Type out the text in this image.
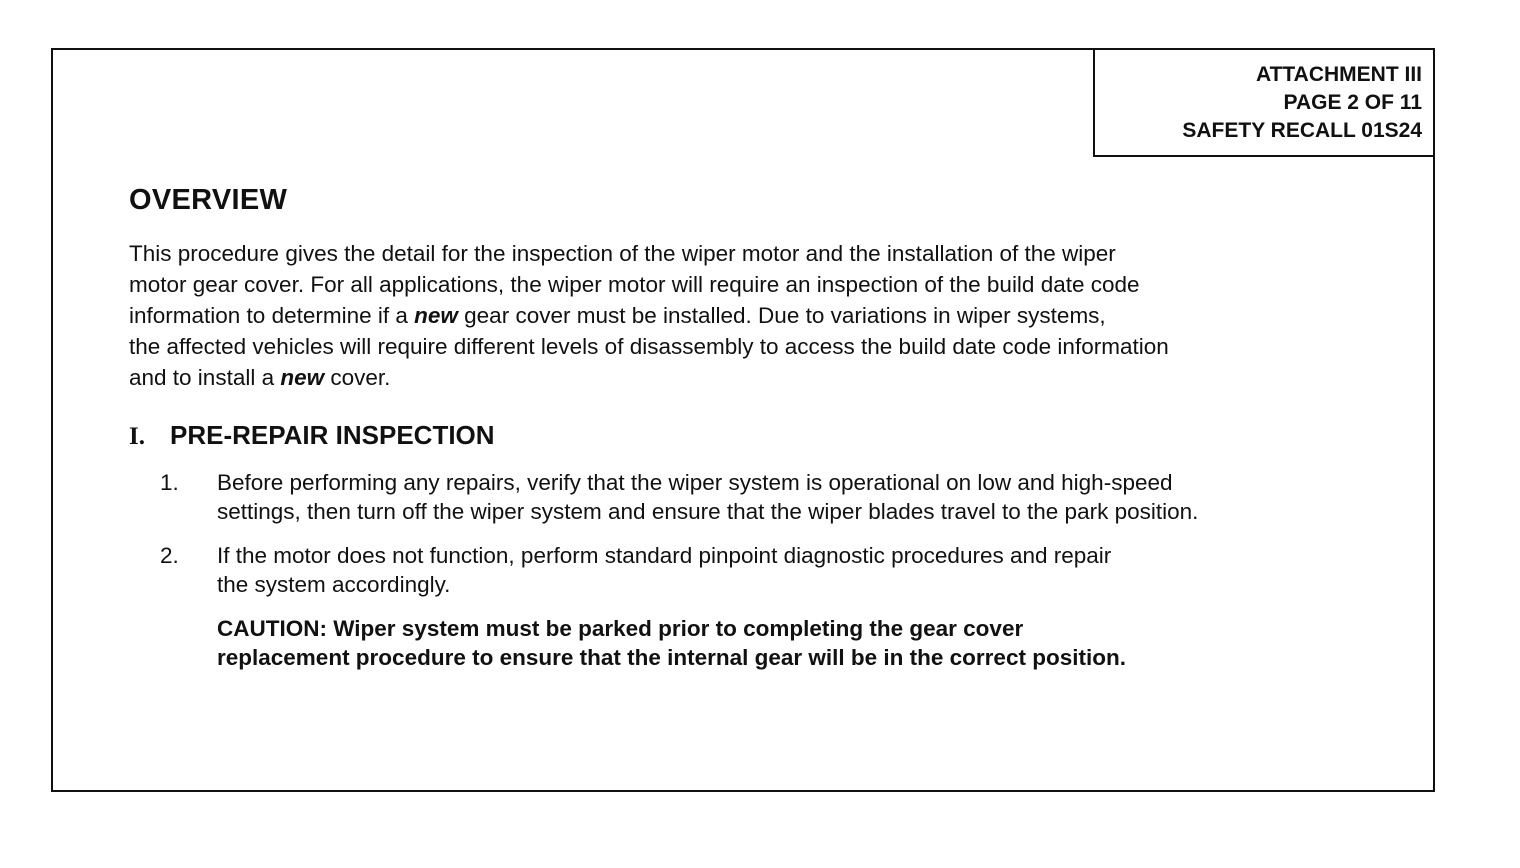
ATTACHMENT III
PAGE 2 OF 11
SAFETY RECALL 01S24
OVERVIEW

This procedure gives the detail for the inspection of the wiper motor and the installation of the wiper
motor gear cover. For all applications, the wiper motor will require an inspection of the build date code
information to determine if a new gear cover must be installed. Due to variations in wiper systems,
the affected vehicles will require different levels of disassembly to access the build date code information
and to install a new cover.

I. PRE-REPAIR INSPECTION
1.	Before performing any repairs, verify that the wiper system is operational on low and high-speed
settings, then turn off the wiper system and ensure that the wiper blades travel to the park position.
2.	If the motor does not function, perform standard pinpoint diagnostic procedures and repair
the system accordingly.
CAUTION: Wiper system must be parked prior to completing the gear cover
replacement procedure to ensure that the internal gear will be in the correct position.
